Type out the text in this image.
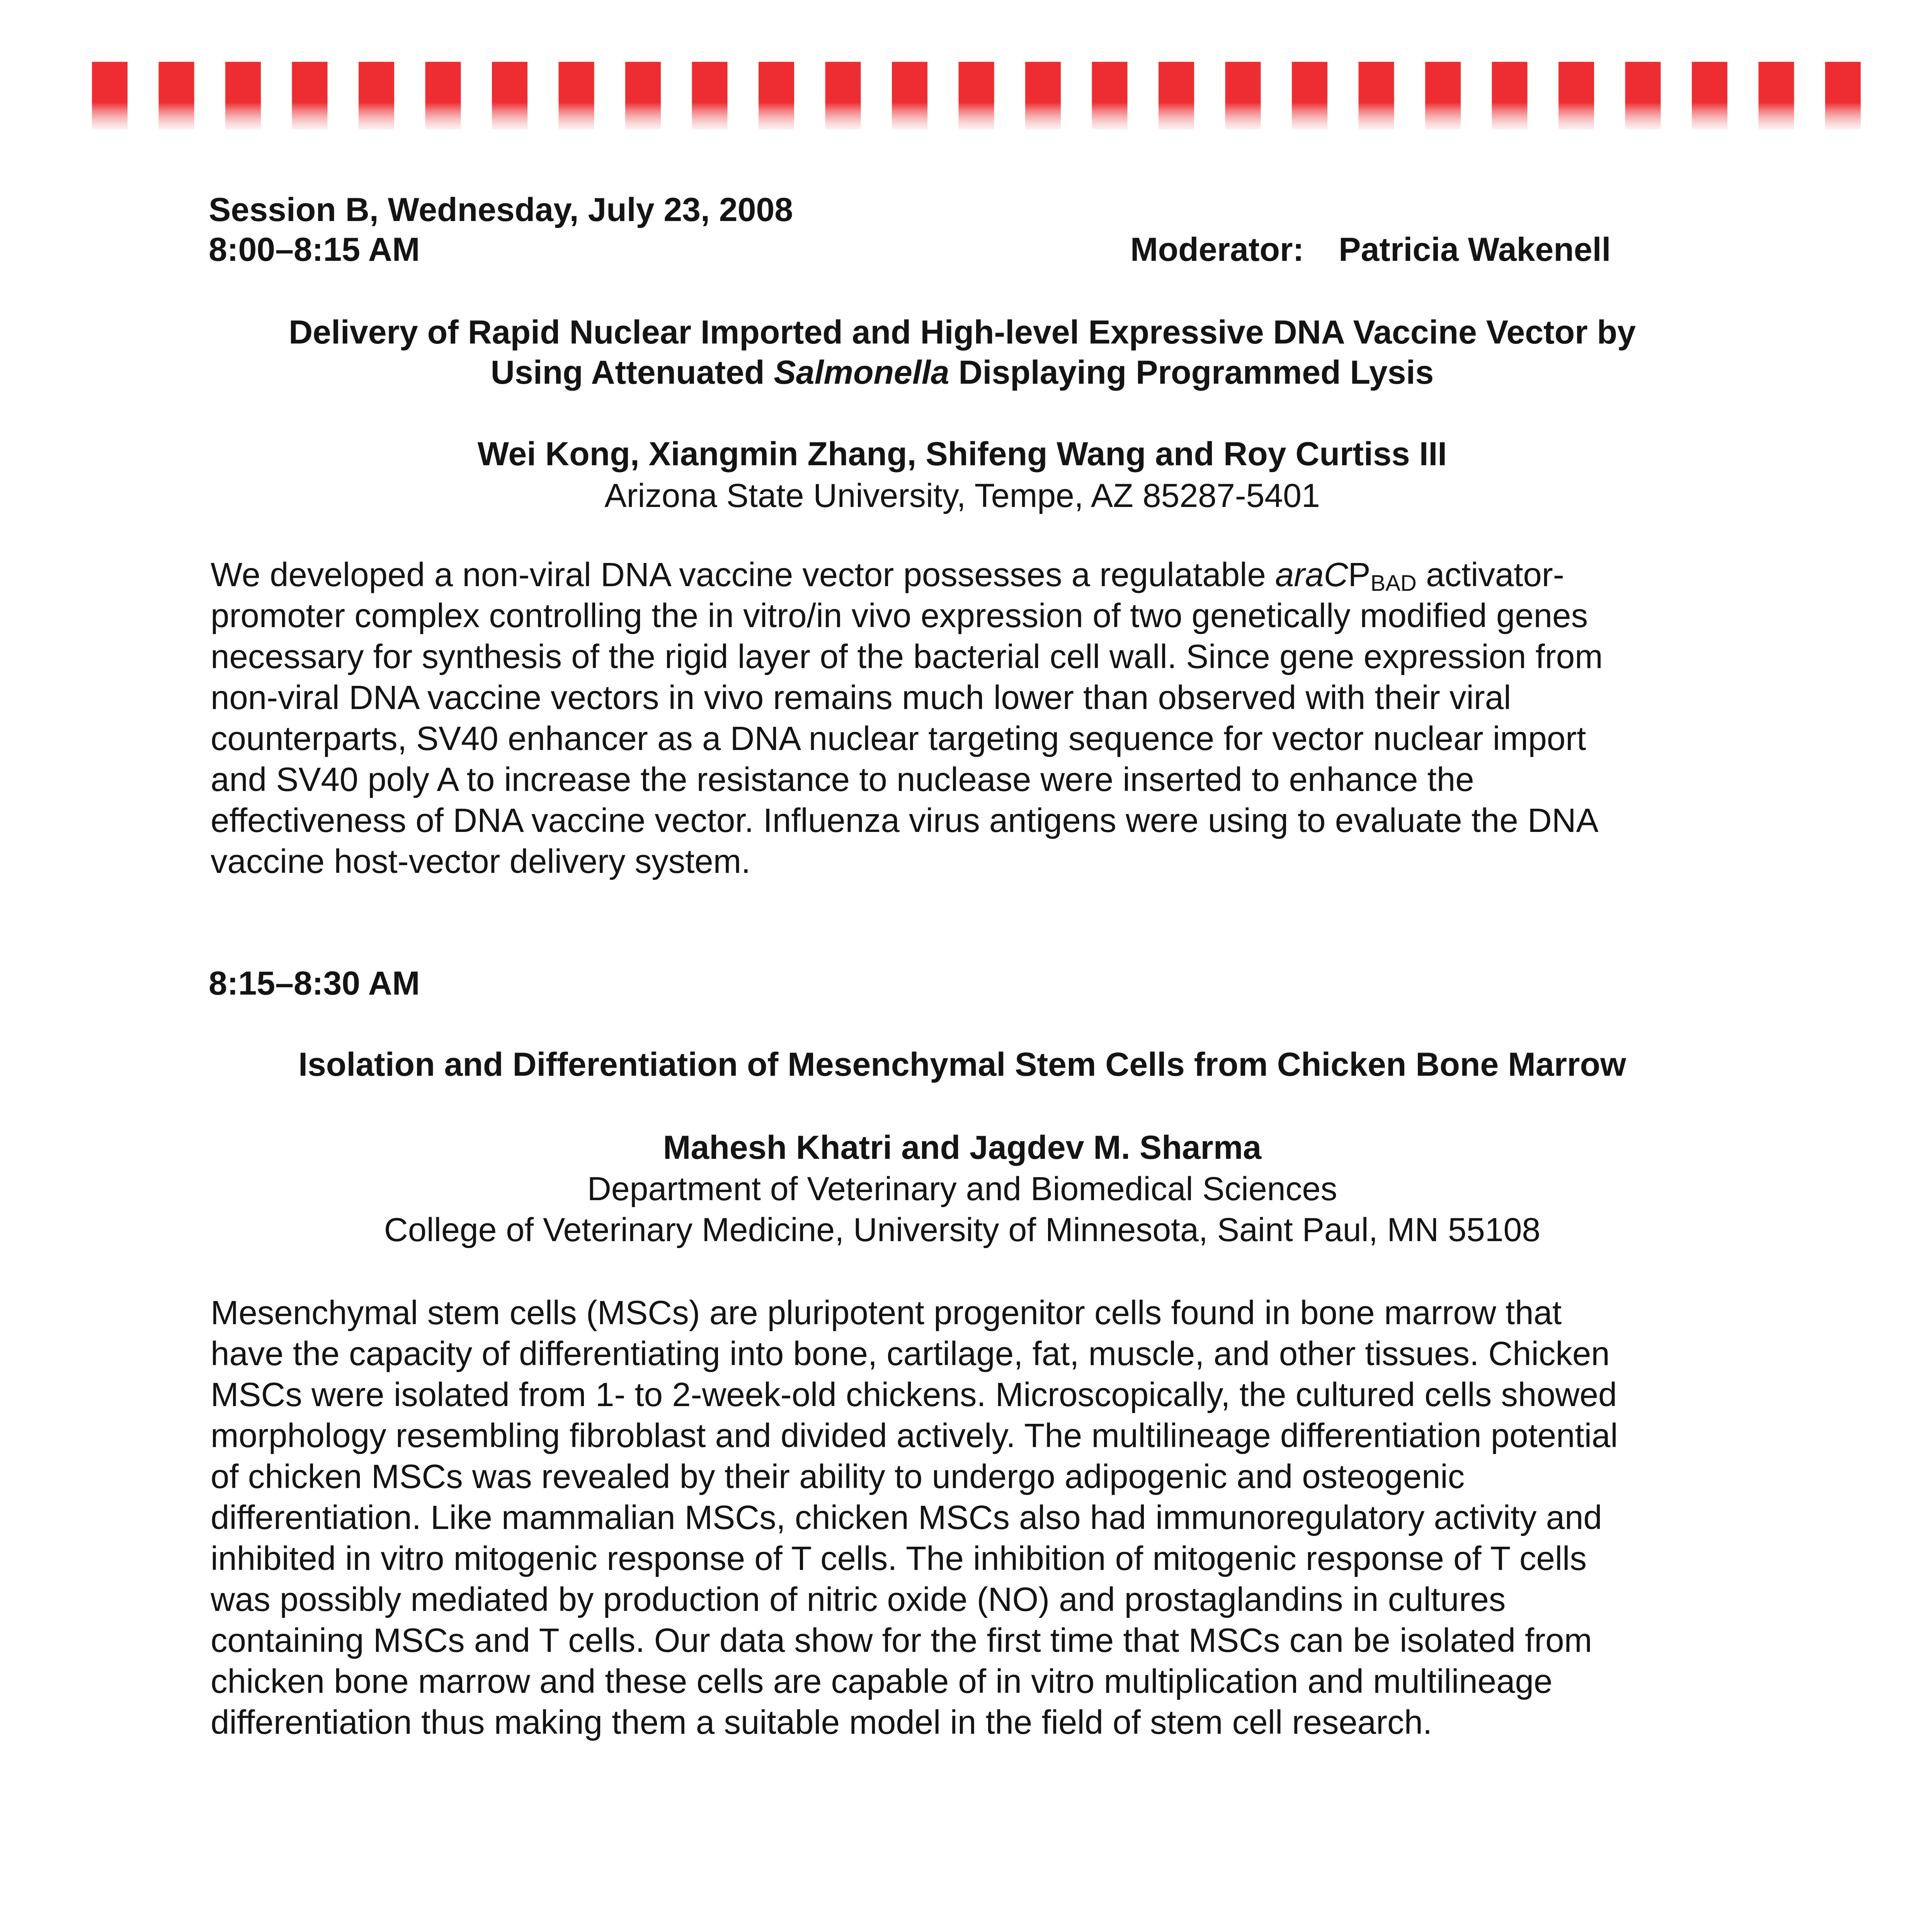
Session B, Wednesday, July 23, 2008
8:00–8:15 AM	Moderator: Patricia Wakenell
Delivery of Rapid Nuclear Imported and High-level Expressive DNA Vaccine Vector by
Using Attenuated Salmonella Displaying Programmed Lysis
Wei Kong, Xiangmin Zhang, Shifeng Wang and Roy Curtiss III
Arizona State University, Tempe, AZ 85287-5401
We developed a non-viral DNA vaccine vector possesses a regulatable araCP$_{BAD}$ activator-
promoter complex controlling the in vitro/in vivo expression of two genetically modified genes
necessary for synthesis of the rigid layer of the bacterial cell wall. Since gene expression from
non-viral DNA vaccine vectors in vivo remains much lower than observed with their viral
counterparts, SV40 enhancer as a DNA nuclear targeting sequence for vector nuclear import
and SV40 poly A to increase the resistance to nuclease were inserted to enhance the
effectiveness of DNA vaccine vector. Influenza virus antigens were using to evaluate the DNA
vaccine host-vector delivery system.
8:15–8:30 AM
Isolation and Differentiation of Mesenchymal Stem Cells from Chicken Bone Marrow
Mahesh Khatri and Jagdev M. Sharma
Department of Veterinary and Biomedical Sciences
College of Veterinary Medicine, University of Minnesota, Saint Paul, MN 55108
Mesenchymal stem cells (MSCs) are pluripotent progenitor cells found in bone marrow that
have the capacity of differentiating into bone, cartilage, fat, muscle, and other tissues. Chicken
MSCs were isolated from 1- to 2-week-old chickens. Microscopically, the cultured cells showed
morphology resembling fibroblast and divided actively. The multilineage differentiation potential
of chicken MSCs was revealed by their ability to undergo adipogenic and osteogenic
differentiation. Like mammalian MSCs, chicken MSCs also had immunoregulatory activity and
inhibited in vitro mitogenic response of T cells. The inhibition of mitogenic response of T cells
was possibly mediated by production of nitric oxide (NO) and prostaglandins in cultures
containing MSCs and T cells. Our data show for the first time that MSCs can be isolated from
chicken bone marrow and these cells are capable of in vitro multiplication and multilineage
differentiation thus making them a suitable model in the field of stem cell research.
